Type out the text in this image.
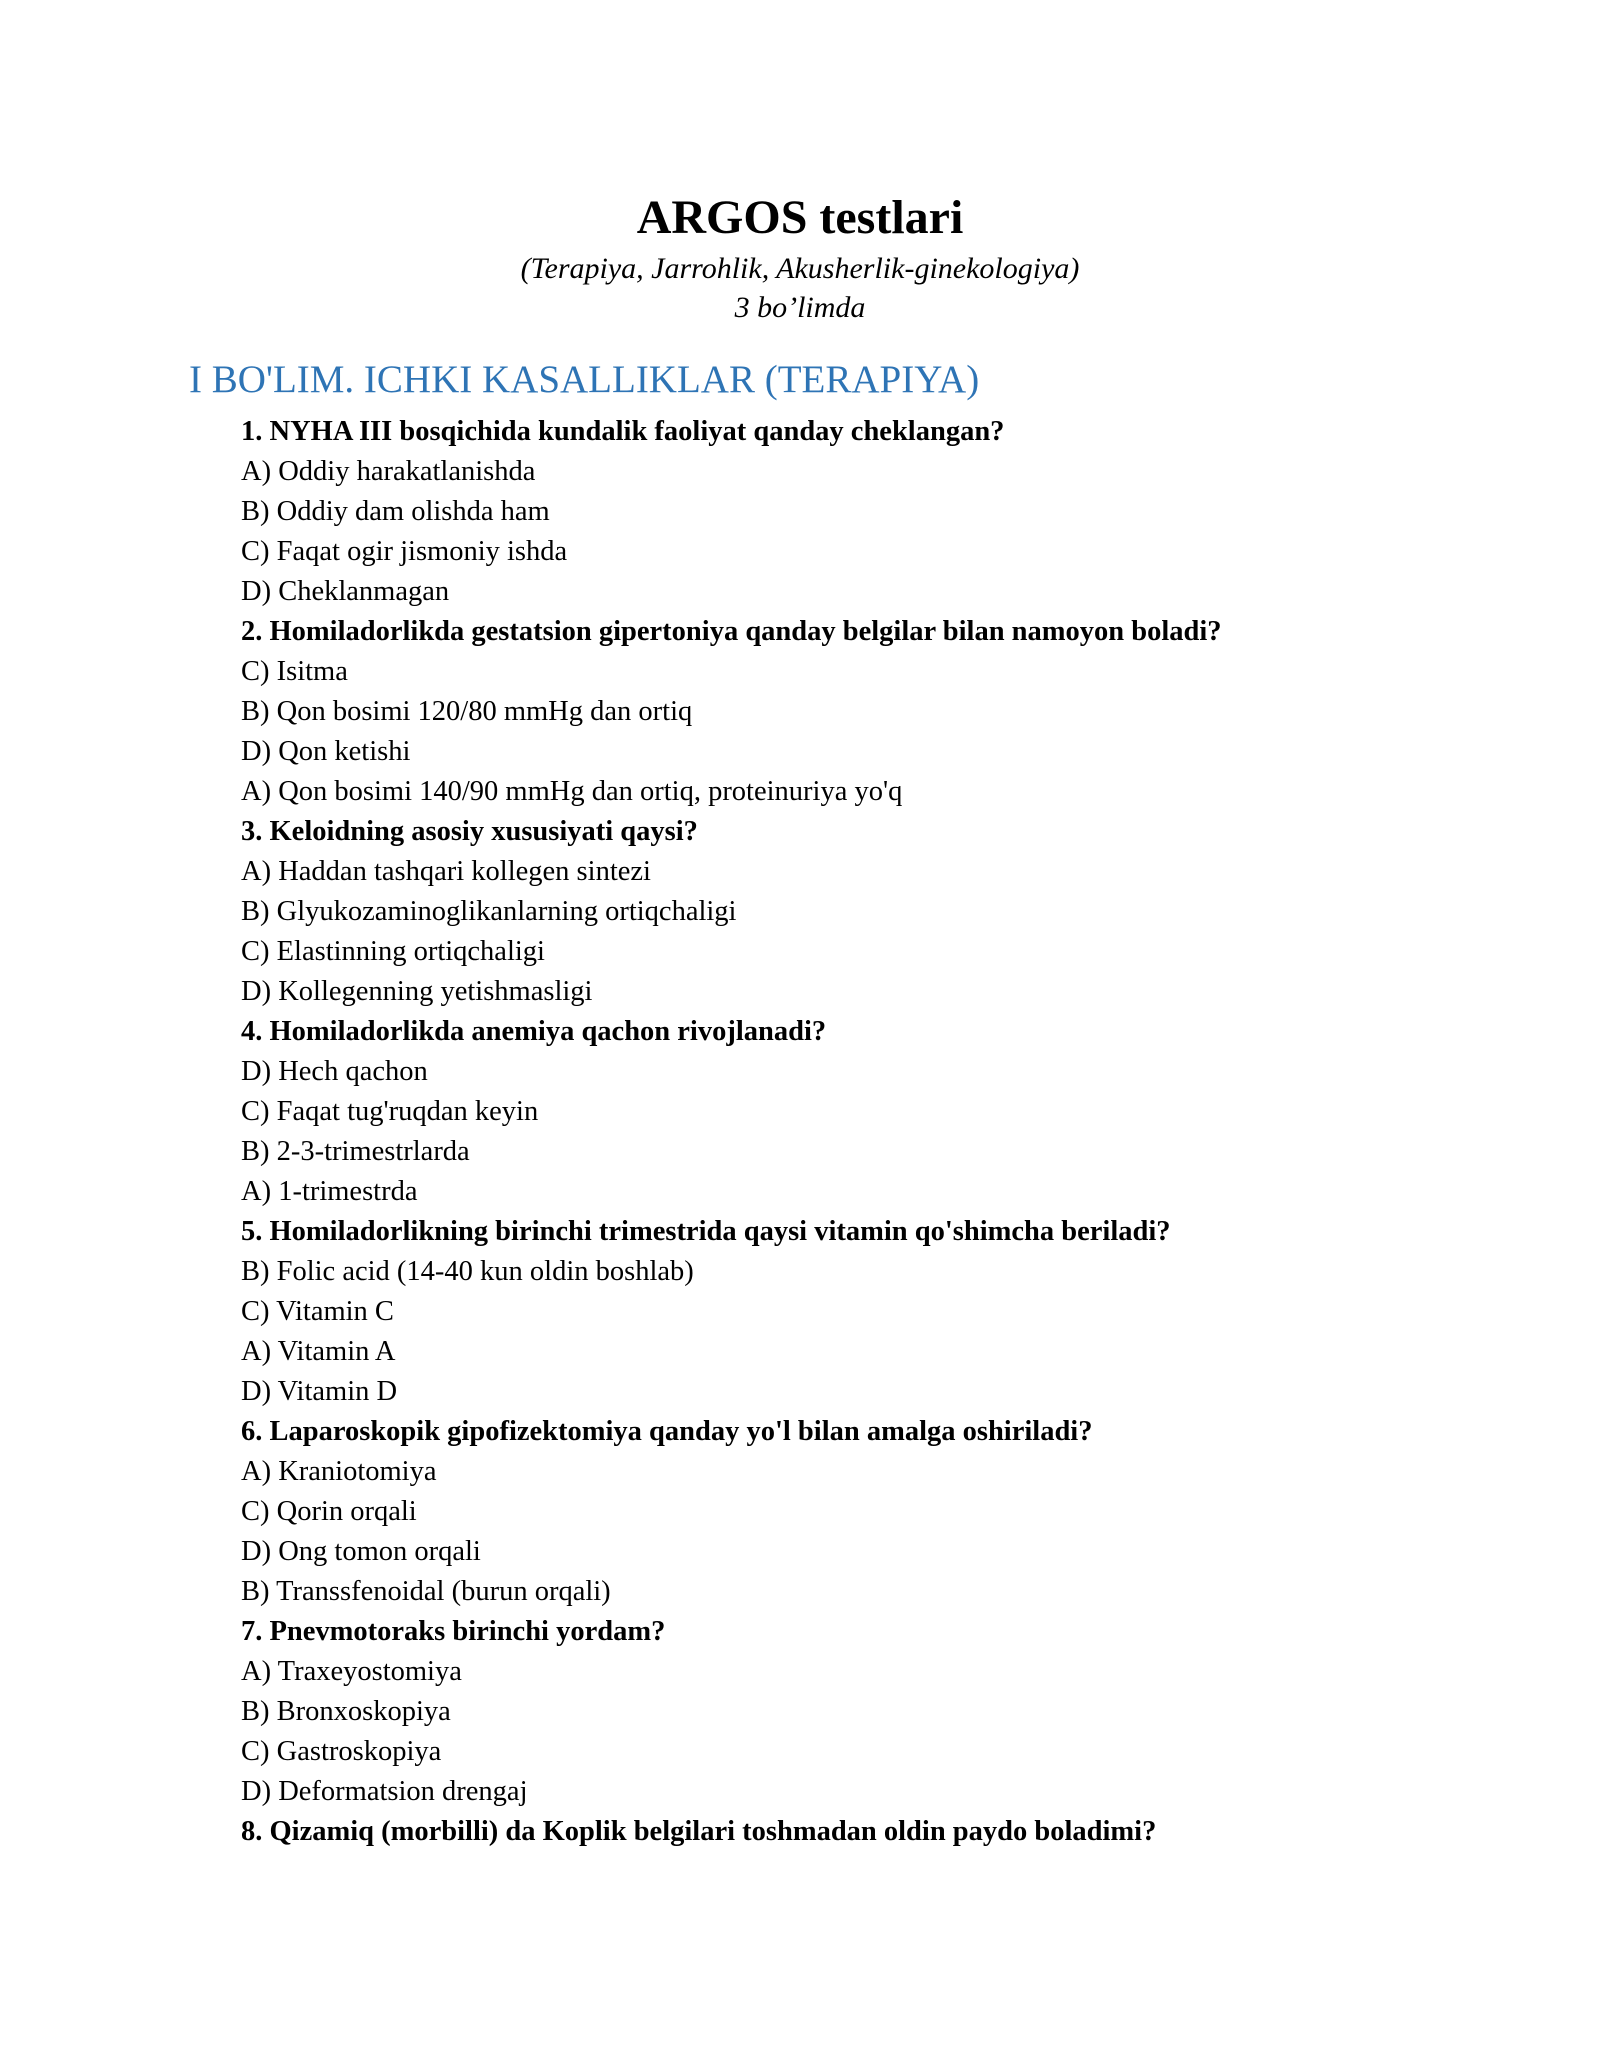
ARGOS testlari
(Terapiya, Jarrohlik, Akusherlik-ginekologiya)
3 bo’limda
I BO'LIM. ICHKI KASALLIKLAR (TERAPIYA)
1. NYHA III bosqichida kundalik faoliyat qanday cheklangan?
A) Oddiy harakatlanishda
B) Oddiy dam olishda ham
C) Faqat ogir jismoniy ishda
D) Cheklanmagan
2. Homiladorlikda gestatsion gipertoniya qanday belgilar bilan namoyon boladi?
C) Isitma
B) Qon bosimi 120/80 mmHg dan ortiq
D) Qon ketishi
A) Qon bosimi 140/90 mmHg dan ortiq, proteinuriya yo'q
3. Keloidning asosiy xususiyati qaysi?
A) Haddan tashqari kollegen sintezi
B) Glyukozaminoglikanlarning ortiqchaligi
C) Elastinning ortiqchaligi
D) Kollegenning yetishmasligi
4. Homiladorlikda anemiya qachon rivojlanadi?
D) Hech qachon
C) Faqat tug'ruqdan keyin
B) 2-3-trimestrlarda
A) 1-trimestrda
5. Homiladorlikning birinchi trimestrida qaysi vitamin qo'shimcha beriladi?
B) Folic acid (14-40 kun oldin boshlab)
C) Vitamin C
A) Vitamin A
D) Vitamin D
6. Laparoskopik gipofizektomiya qanday yo'l bilan amalga oshiriladi?
A) Kraniotomiya
C) Qorin orqali
D) Ong tomon orqali
B) Transsfenoidal (burun orqali)
7. Pnevmotoraks birinchi yordam?
A) Traxeyostomiya
B) Bronxoskopiya
C) Gastroskopiya
D) Deformatsion drengaj
8. Qizamiq (morbilli) da Koplik belgilari toshmadan oldin paydo boladimi?
